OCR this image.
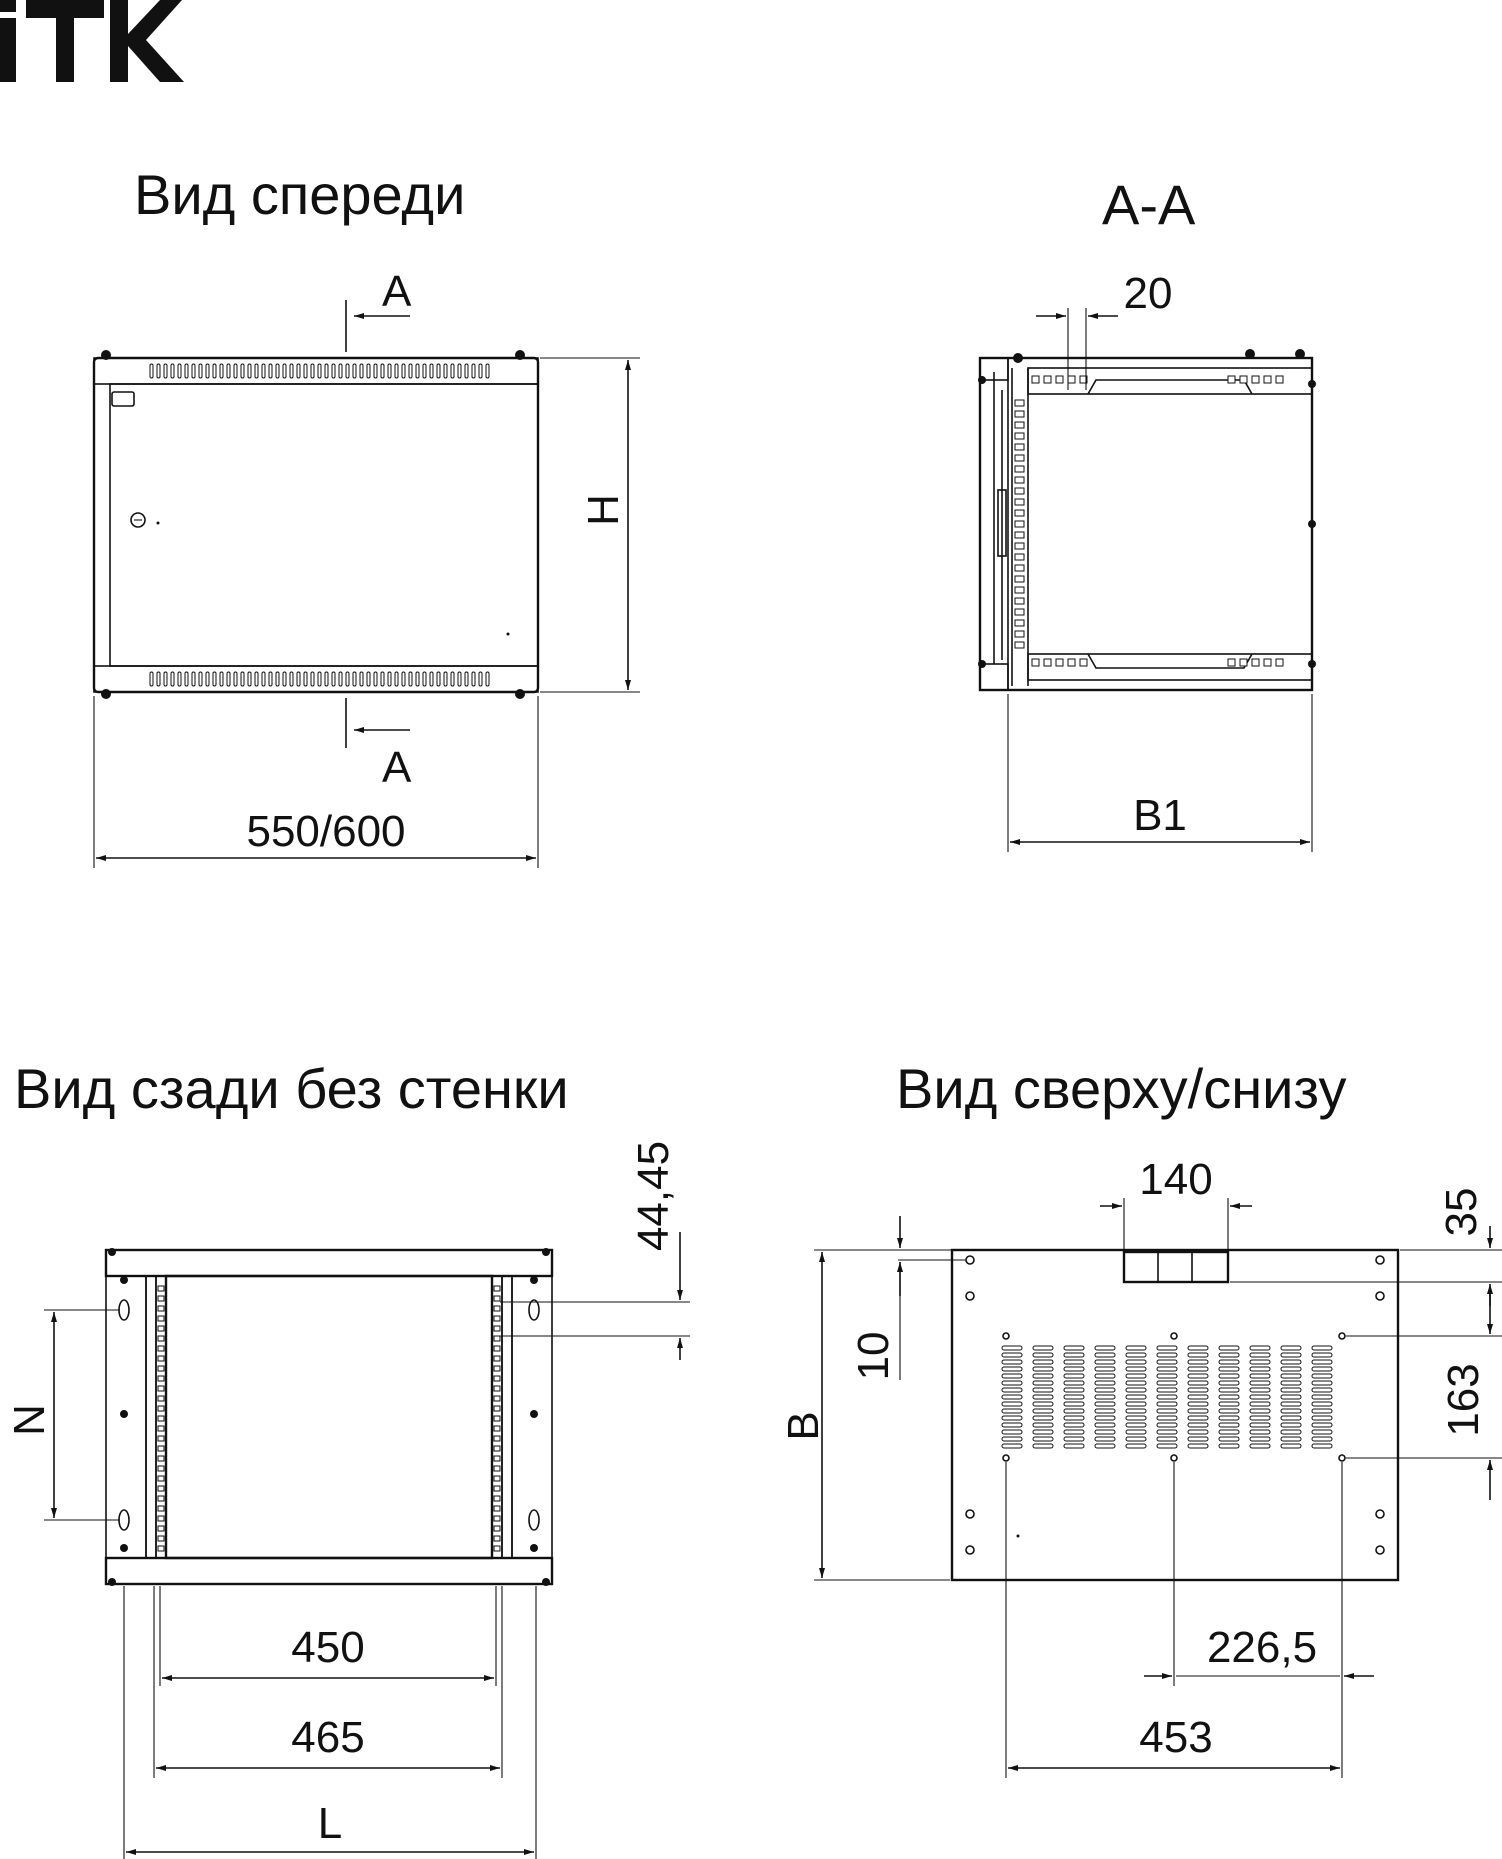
Вид спереди	A-A
Вид сзади без стенки	Вид сверху/снизу
A
A
H
550/600
20
B1
N
44,45
450
465
L
140
35
10
B	163
226,5
453
